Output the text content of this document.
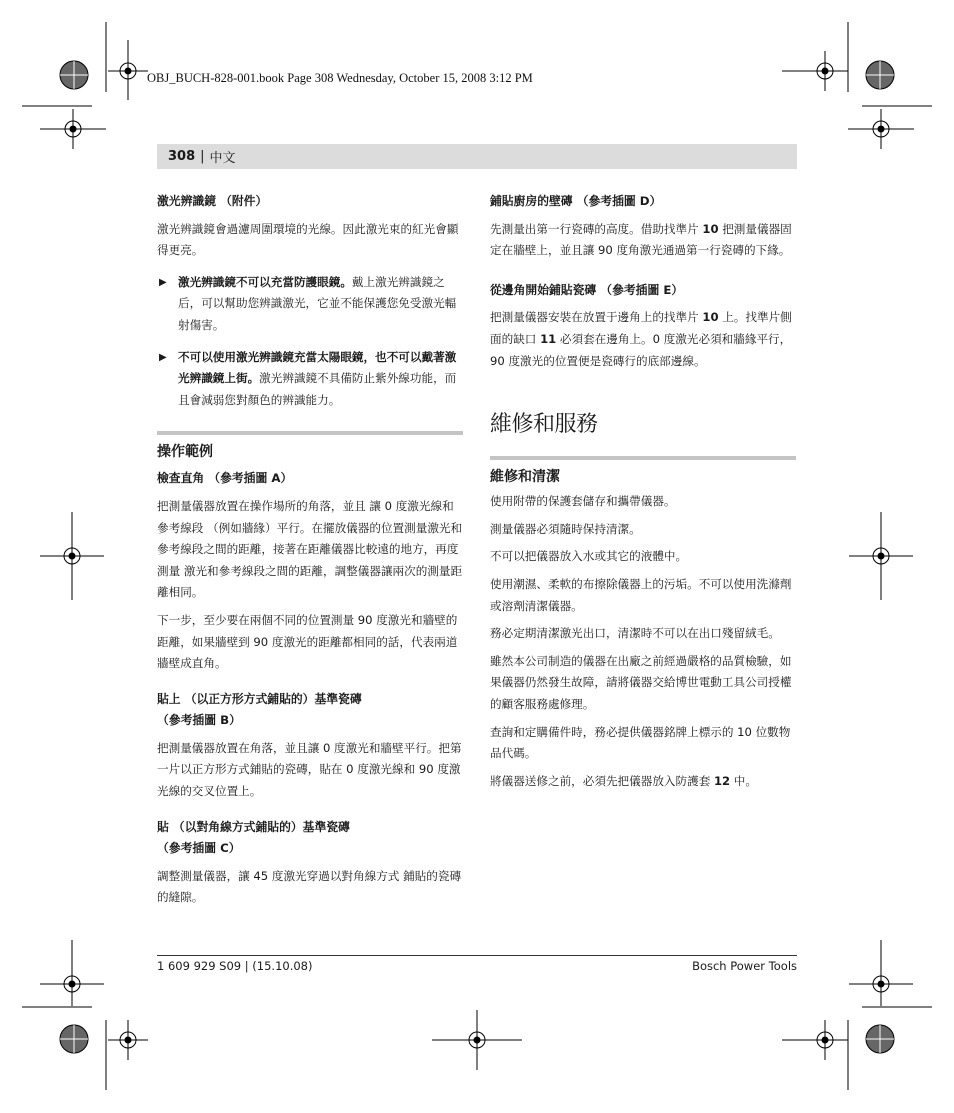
OBJ_BUCH-828-001.book Page 308 Wednesday, October 15, 2008 3:12 PM
308 | 中文

激光辨識鏡 （附件）

激光辨識鏡會過濾周圍環境的光線。因此激光束的紅光會顯得更亮。

▶ 激光辨識鏡不可以充當防護眼鏡。戴上激光辨識鏡之后，可以幫助您辨識激光，它並不能保護您免受激光輻射傷害。
▶ 不可以使用激光辨識鏡充當太陽眼鏡，也不可以戴著激光辨識鏡上街。激光辨識鏡不具備防止紫外線功能，而且會減弱您對顏色的辨識能力。

操作範例

檢查直角 （參考插圖 A）

把測量儀器放置在操作場所的角落，並且 讓 0 度激光線和參考線段 （例如牆緣）平行。在擺放儀器的位置測量激光和參考線段之間的距離，接著在距離儀器比較遠的地方，再度測量 激光和參考線段之間的距離，調整儀器讓兩次的測量距離相同。

下一步，至少要在兩個不同的位置測量 90 度激光和牆壁的距離，如果牆壁到 90 度激光的距離都相同的話，代表兩道牆壁成直角。

貼上 （以正方形方式鋪貼的）基準瓷磚

（參考插圖 B）

把測量儀器放置在角落，並且讓 0 度激光和牆壁平行。把第一片以正方形方式鋪貼的瓷磚，貼在 0 度激光線和 90 度激光線的交叉位置上。

貼 （以對角線方式鋪貼的）基準瓷磚

（參考插圖 C）

調整測量儀器，讓 45 度激光穿過以對角線方式 鋪貼的瓷磚的縫隙。

鋪貼廚房的壁磚 （參考插圖 D）

先測量出第一行瓷磚的高度。借助找準片 10 把測量儀器固定在牆壁上，並且讓 90 度角激光通過第一行瓷磚的下緣。

從邊角開始鋪貼瓷磚 （參考插圖 E）

把測量儀器安裝在放置于邊角上的找準片 10 上。找準片側面的缺口 11 必須套在邊角上。0 度激光必須和牆緣平行，90 度激光的位置便是瓷磚行的底部邊線。

維修和服務

維修和清潔

使用附帶的保護套儲存和攜帶儀器。

測量儀器必須隨時保持清潔。

不可以把儀器放入水或其它的液體中。

使用潮濕、柔軟的布擦除儀器上的污垢。不可以使用洗滌劑或溶劑清潔儀器。

務必定期清潔激光出口，清潔時不可以在出口殘留絨毛。

雖然本公司制造的儀器在出廠之前經過嚴格的品質檢驗，如果儀器仍然發生故障，請將儀器交給博世電動工具公司授權的顧客服務處修理。

查詢和定購備件時，務必提供儀器銘牌上標示的 10 位數物品代碼。

將儀器送修之前，必須先把儀器放入防護套 12 中。

1 609 929 S09 | (15.10.08)	Bosch Power Tools
